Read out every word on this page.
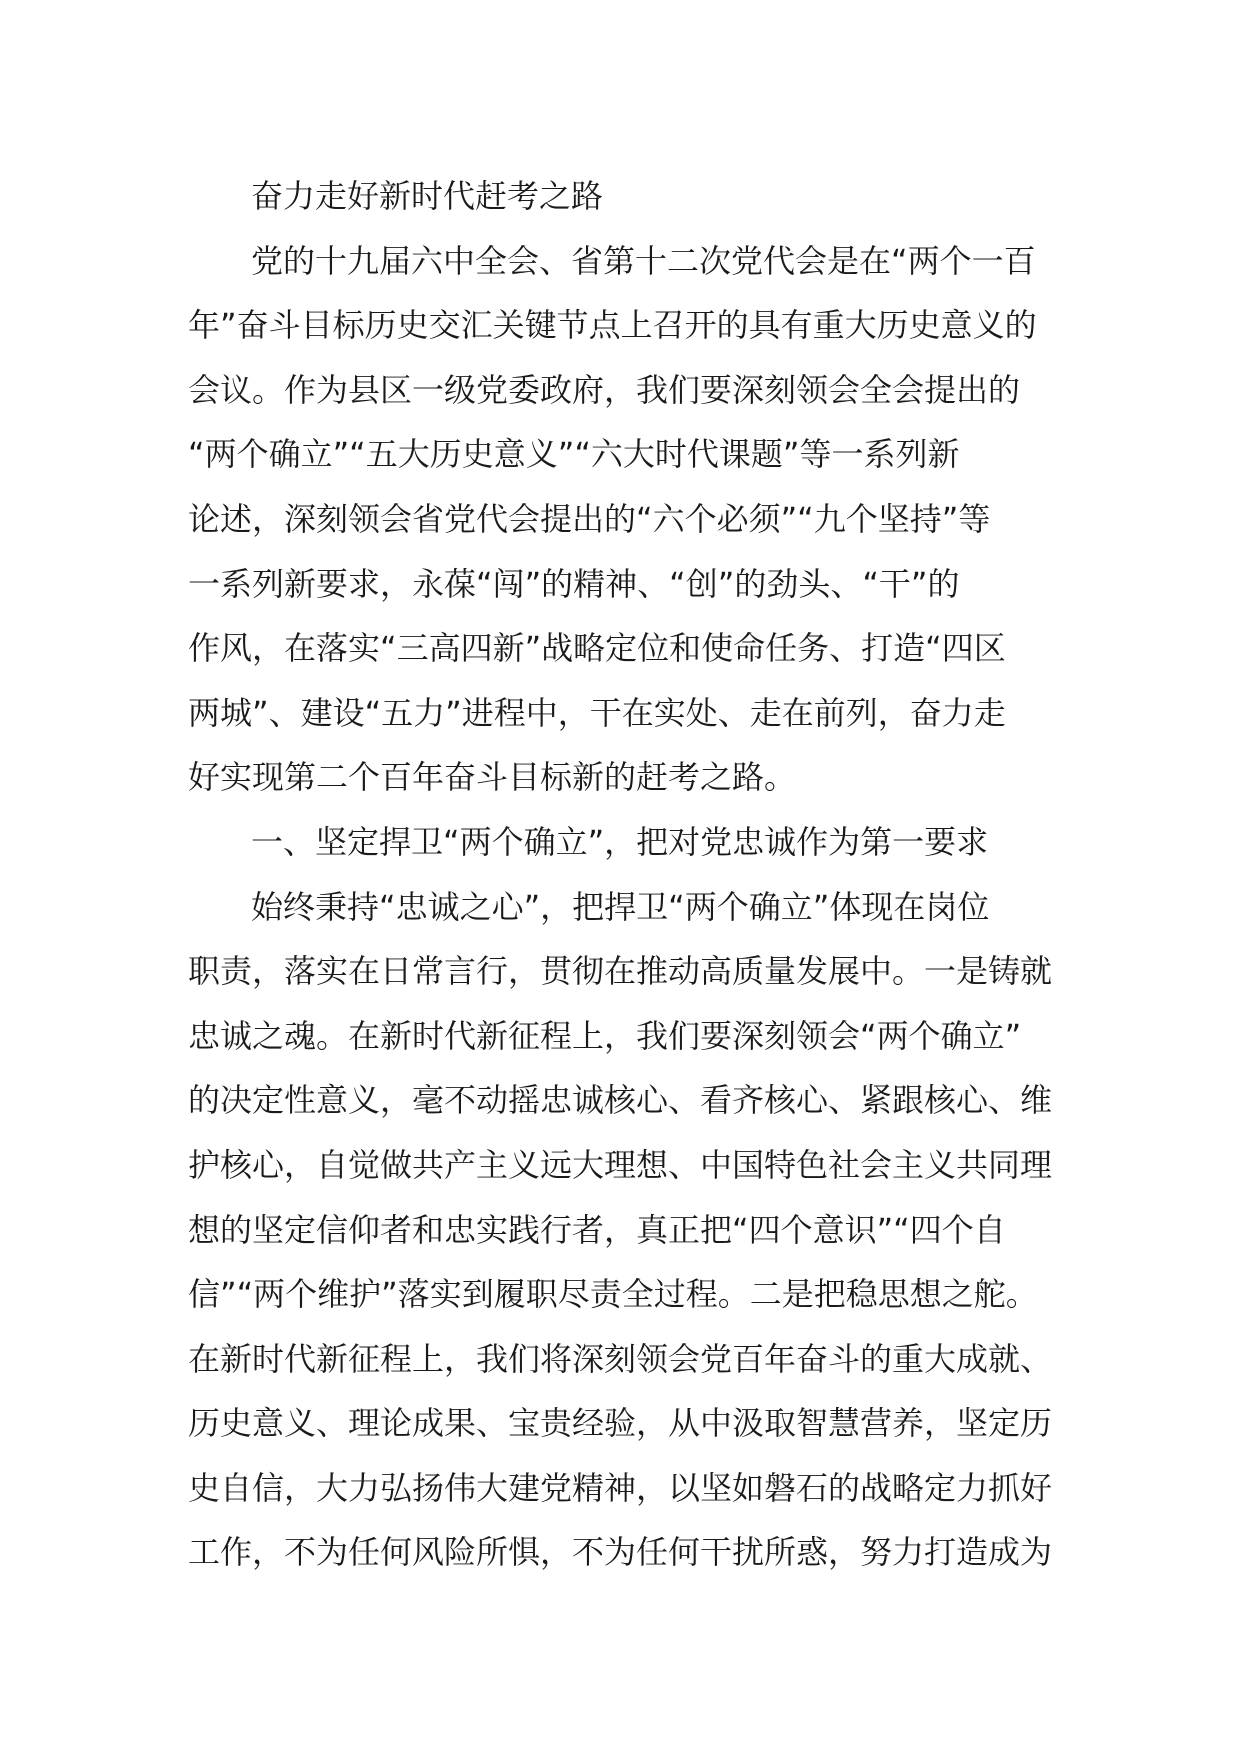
奋力走好新时代赶考之路
党的十九届六中全会、省第十二次党代会是在“两个一百
年”奋斗目标历史交汇关键节点上召开的具有重大历史意义的
会议。作为县区一级党委政府，我们要深刻领会全会提出的
“两个确立”“五大历史意义”“六大时代课题”等一系列新
论述，深刻领会省党代会提出的“六个必须”“九个坚持”等
一系列新要求，永葆“闯”的精神、“创”的劲头、“干”的
作风，在落实“三高四新”战略定位和使命任务、打造“四区
两城”、建设“五力”进程中，干在实处、走在前列，奋力走
好实现第二个百年奋斗目标新的赶考之路。
一、坚定捍卫“两个确立”，把对党忠诚作为第一要求
始终秉持“忠诚之心”，把捍卫“两个确立”体现在岗位
职责，落实在日常言行，贯彻在推动高质量发展中。一是铸就
忠诚之魂。在新时代新征程上，我们要深刻领会“两个确立”
的决定性意义，毫不动摇忠诚核心、看齐核心、紧跟核心、维
护核心，自觉做共产主义远大理想、中国特色社会主义共同理
想的坚定信仰者和忠实践行者，真正把“四个意识”“四个自
信”“两个维护”落实到履职尽责全过程。二是把稳思想之舵。
在新时代新征程上，我们将深刻领会党百年奋斗的重大成就、
历史意义、理论成果、宝贵经验，从中汲取智慧营养，坚定历
史自信，大力弘扬伟大建党精神，以坚如磐石的战略定力抓好
工作，不为任何风险所惧，不为任何干扰所惑，努力打造成为
